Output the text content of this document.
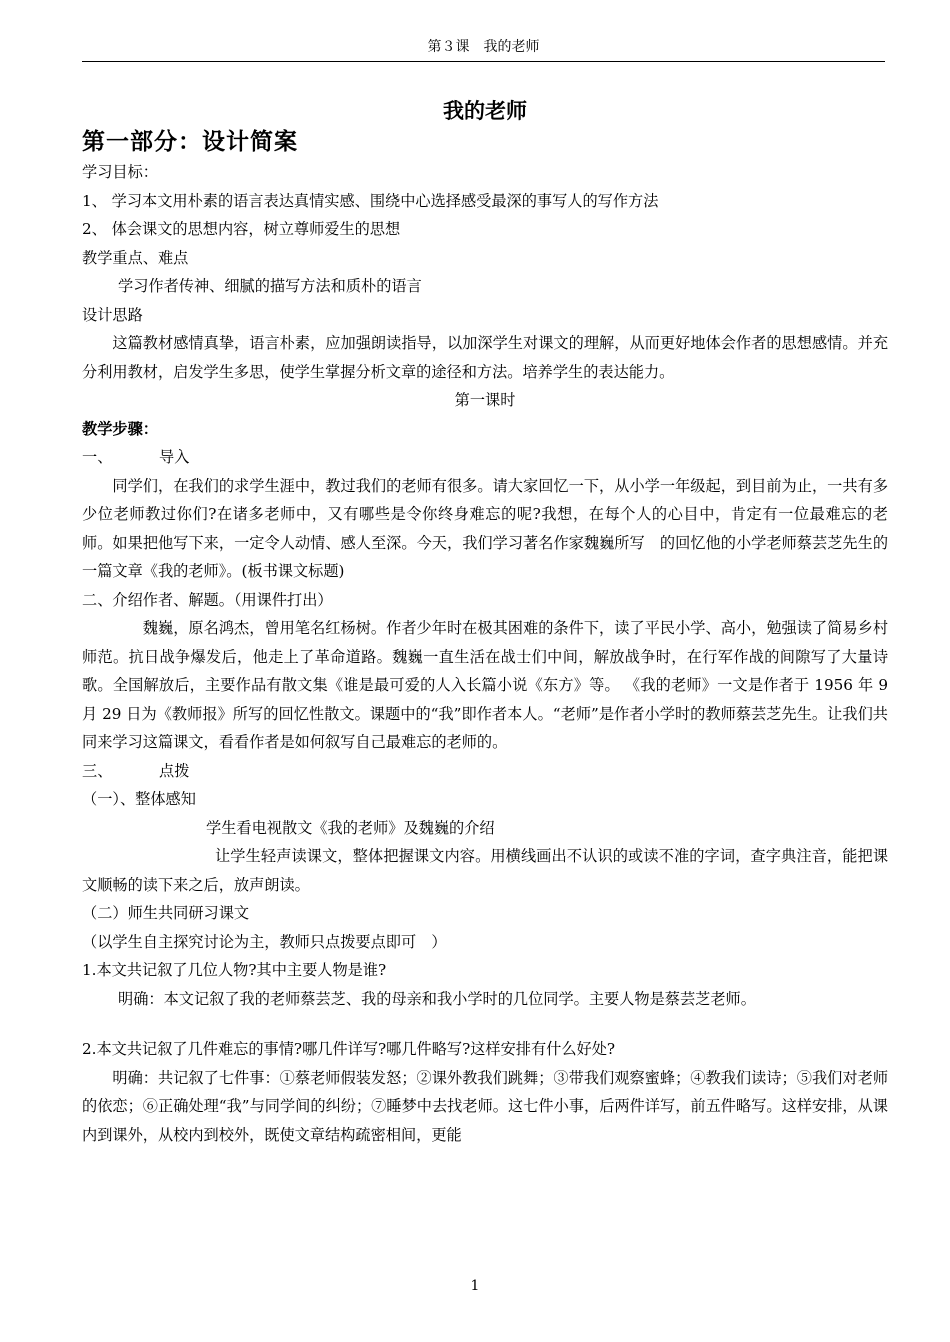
第３课　我的老师

我的老师

第一部分：设计简案

学习目标：

1、 学习本文用朴素的语言表达真情实感、围绕中心选择感受最深的事写人的写作方法

2、 体会课文的思想内容，树立尊师爱生的思想

教学重点、难点

学习作者传神、细腻的描写方法和质朴的语言

设计思路

这篇教材感情真挚，语言朴素，应加强朗读指导，以加深学生对课文的理解，从而更好地体会作者的思想感情。并充分利用教材，启发学生多思，使学生掌握分析文章的途径和方法。培养学生的表达能力。

第一课时

教学步骤：

一、	导入

同学们，在我们的求学生涯中，教过我们的老师有很多。请大家回忆一下，从小学一年级起，到目前为止，一共有多少位老师教过你们?在诸多老师中，又有哪些是令你终身难忘的呢?我想，在每个人的心目中，肯定有一位最难忘的老师。如果把他写下来，一定令人动情、感人至深。今天，我们学习著名作家魏巍所写　的回忆他的小学老师蔡芸芝先生的一篇文章《我的老师》。(板书课文标题)

二、介绍作者、解题。（用课件打出）

魏巍，原名鸿杰，曾用笔名红杨树。作者少年时在极其困难的条件下，读了平民小学、高小，勉强读了简易乡村师范。抗日战争爆发后，他走上了革命道路。魏巍一直生活在战士们中间，解放战争时，在行军作战的间隙写了大量诗歌。全国解放后，主要作品有散文集《谁是最可爱的人入长篇小说《东方》等。 《我的老师》一文是作者于 1956 年 9 月 29 日为《教师报》所写的回忆性散文。课题中的“我”即作者本人。“老师”是作者小学时的教师蔡芸芝先生。让我们共同来学习这篇课文，看看作者是如何叙写自己最难忘的老师的。

三、	点拨

（一）、整体感知

学生看电视散文《我的老师》及魏巍的介绍

让学生轻声读课文，整体把握课文内容。用横线画出不认识的或读不准的字词，查字典注音，能把课文顺畅的读下来之后，放声朗读。

（二）师生共同研习课文

（以学生自主探究讨论为主，教师只点拨要点即可　）

1.本文共记叙了几位人物?其中主要人物是谁?

明确：本文记叙了我的老师蔡芸芝、我的母亲和我小学时的几位同学。主要人物是蔡芸芝老师。

2.本文共记叙了几件难忘的事情?哪几件详写?哪几件略写?这样安排有什么好处?

明确：共记叙了七件事：①蔡老师假装发怒；②课外教我们跳舞；③带我们观察蜜蜂；④教我们读诗；⑤我们对老师的依恋；⑥正确处理“我”与同学间的纠纷；⑦睡梦中去找老师。这七件小事，后两件详写，前五件略写。这样安排，从课内到课外，从校内到校外，既使文章结构疏密相间，更能

1
